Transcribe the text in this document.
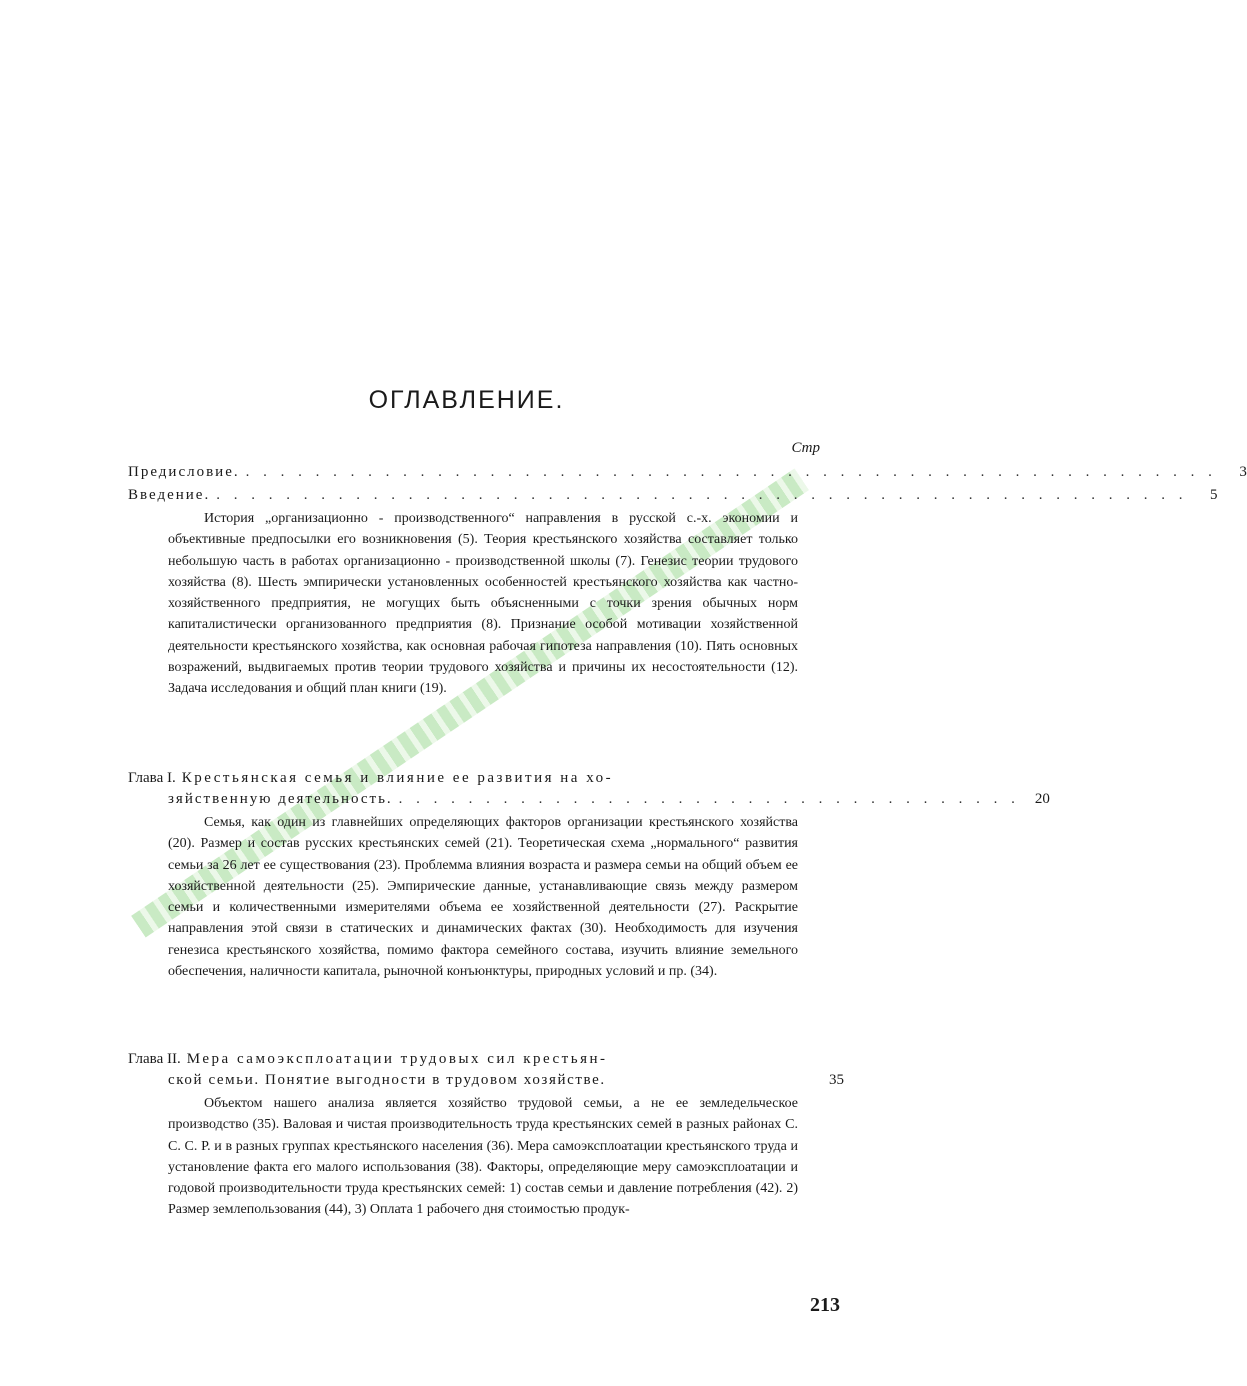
ОГЛАВЛЕНИЕ.
Стр
Предисловие. . . . . . . . . . . . . . . . . . . . . . . . . . . . . . . . . . . . . . . . . . . . . . . . . . . . . . . . .	3
Введение. . . . . . . . . . . . . . . . . . . . . . . . . . . . . . . . . . . . . . . . . . . . . . . . . . . . . . . . .	5

История „организационно - производственного“ направления в русской с.-х. экономии и объективные предпосылки его возникновения (5). Теория крестьянского хозяйства составляет только небольшую часть в работах организационно - производственной школы (7). Генезис теории трудового хозяйства (8). Шесть эмпирически установленных особенностей крестьянского хозяйства как частно-хозяйственного предприятия, не могущих быть объясненными с точки зрения обычных норм капиталистически организованного предприятия (8). Признание особой мотивации хозяйственной деятельности крестьянского хозяйства, как основная рабочая гипотеза направления (10). Пять основных возражений, выдвигаемых против теории трудового хозяйства и причины их несостоятельности (12). Задача исследования и общий план книги (19).

Глава I. Крестьянская семья и влияние ее развития на хо-
зяйственную деятельность. . . . . . . . . . . . . . . . . . . . . . . . . . . . . . . . . . . . .	20

Семья, как один из главнейших определяющих факторов организации крестьянского хозяйства (20). Размер и состав русских крестьянских семей (21). Теоретическая схема „нормального“ развития семьи за 26 лет ее существования (23). Проблемма влияния возраста и размера семьи на общий объем ее хозяйственной деятельности (25). Эмпирические данные, устанавливающие связь между размером семьи и количественными измерителями объема ее хозяйственной деятельности (27). Раскрытие направления этой связи в статических и динамических фактах (30). Необходимость для изучения генезиса крестьянского хозяйства, помимо фактора семейного состава, изучить влияние земельного обеспечения, наличности капитала, рыночной конъюнктуры, природных условий и пр. (34).

Глава II. Мера самоэксплоатации трудовых сил крестьян-
ской семьи. Понятие выгодности в трудовом хозяйстве.	35

Объектом нашего анализа является хозяйство трудовой семьи, а не ее земледельческое производство (35). Валовая и чистая производительность труда крестьянских семей в разных районах С. С. С. Р. и в разных группах крестьянского населения (36). Мера самоэксплоатации крестьянского труда и установление факта его малого использования (38). Факторы, определяющие меру самоэксплоатации и годовой производительности труда крестьянских семей: 1) состав семьи и давление потребления (42). 2) Размер землепользования (44), 3) Оплата 1 рабочего дня стоимостью продук-

213
